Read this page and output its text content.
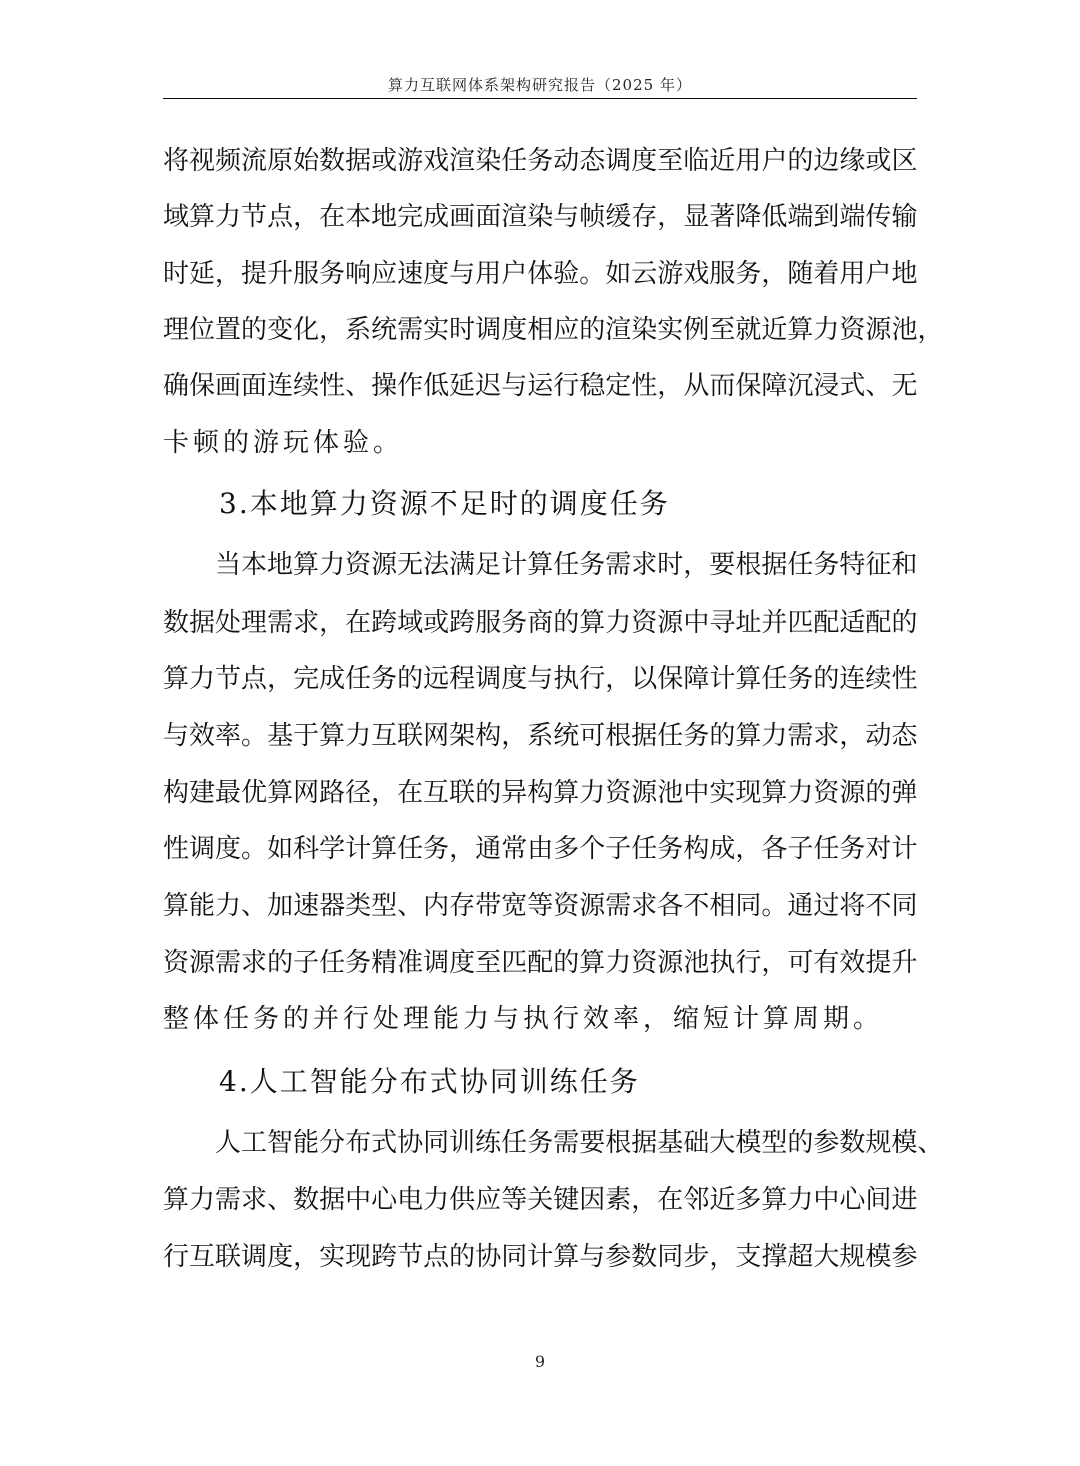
算力互联网体系架构研究报告（2025 年）
将 视 频 流 原 始 数 据 或 游 戏 渲 染 任 务 动 态 调 度 至 临 近 用 户 的 边 缘 或 区
域 算 力 节 点 ， 在 本 地 完 成 画 面 渲 染 与 帧 缓 存 ， 显 著 降 低 端 到 端 传 输
时 延 ， 提 升 服 务 响 应 速 度 与 用 户 体 验 。 如 云 游 戏 服 务 ， 随 着 用 户 地
理 位 置 的 变 化 ， 系 统 需 实 时 调 度 相 应 的 渲 染 实 例 至 就 近 算 力 资 源 池 ，
确 保 画 面 连 续 性 、 操 作 低 延 迟 与 运 行 稳 定 性 ， 从 而 保 障 沉 浸 式 、 无
卡顿的游玩体验。
3.本地算力资源不足时的调度任务
当 本 地 算 力 资 源 无 法 满 足 计 算 任 务 需 求 时 ， 要 根 据 任 务 特 征 和
数 据 处 理 需 求 ， 在 跨 域 或 跨 服 务 商 的 算 力 资 源 中 寻 址 并 匹 配 适 配 的
算 力 节 点 ， 完 成 任 务 的 远 程 调 度 与 执 行 ， 以 保 障 计 算 任 务 的 连 续 性
与 效 率 。 基 于 算 力 互 联 网 架 构 ， 系 统 可 根 据 任 务 的 算 力 需 求 ， 动 态
构 建 最 优 算 网 路 径 ， 在 互 联 的 异 构 算 力 资 源 池 中 实 现 算 力 资 源 的 弹
性 调 度 。 如 科 学 计 算 任 务 ， 通 常 由 多 个 子 任 务 构 成 ， 各 子 任 务 对 计
算 能 力 、 加 速 器 类 型 、 内 存 带 宽 等 资 源 需 求 各 不 相 同 。 通 过 将 不 同
资 源 需 求 的 子 任 务 精 准 调 度 至 匹 配 的 算 力 资 源 池 执 行 ， 可 有 效 提 升
整体任务的并行处理能力与执行效率，缩短计算周期。
4.人工智能分布式协同训练任务
人 工 智 能 分 布 式 协 同 训 练 任 务 需 要 根 据 基 础 大 模 型 的 参 数 规 模 、
算 力 需 求 、 数 据 中 心 电 力 供 应 等 关 键 因 素 ， 在 邻 近 多 算 力 中 心 间 进
行 互 联 调 度 ， 实 现 跨 节 点 的 协 同 计 算 与 参 数 同 步 ， 支 撑 超 大 规 模 参
9
